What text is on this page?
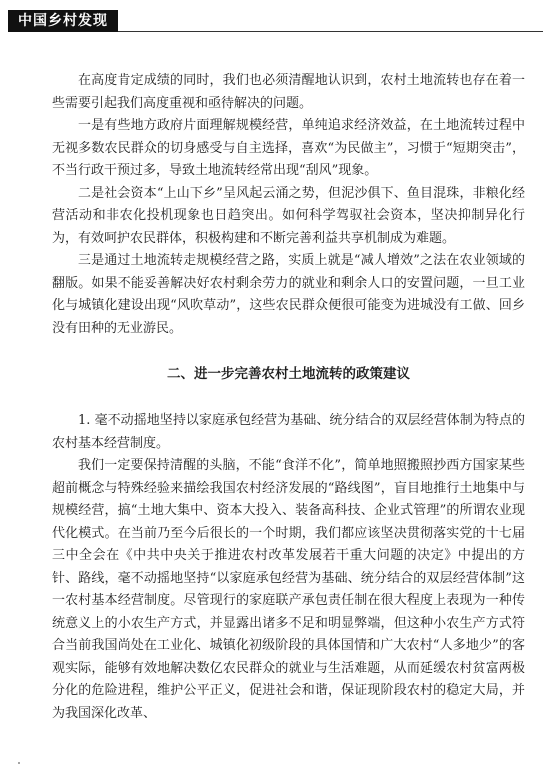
中国乡村发现

在高度肯定成绩的同时，我们也必须清醒地认识到，农村土地流转也存在着一些需要引起我们高度重视和亟待解决的问题。

一是有些地方政府片面理解规模经营，单纯追求经济效益，在土地流转过程中无视多数农民群众的切身感受与自主选择，喜欢“为民做主”，习惯于“短期突击”，不当行政干预过多，导致土地流转经常出现“刮风”现象。

二是社会资本“上山下乡”呈风起云涌之势，但泥沙俱下、鱼目混珠，非粮化经营活动和非农化投机现象也日趋突出。如何科学驾驭社会资本，坚决抑制异化行为，有效呵护农民群体，积极构建和不断完善利益共享机制成为难题。

三是通过土地流转走规模经营之路，实质上就是“减人增效”之法在农业领域的翻版。如果不能妥善解决好农村剩余劳力的就业和剩余人口的安置问题，一旦工业化与城镇化建设出现“风吹草动”，这些农民群众便很可能变为进城没有工做、回乡没有田种的无业游民。

二、进一步完善农村土地流转的政策建议

1. 毫不动摇地坚持以家庭承包经营为基础、统分结合的双层经营体制为特点的农村基本经营制度。

我们一定要保持清醒的头脑，不能“食洋不化”，简单地照搬照抄西方国家某些超前概念与特殊经验来描绘我国农村经济发展的“路线图”，盲目地推行土地集中与规模经营，搞“土地大集中、资本大投入、装备高科技、企业式管理”的所谓农业现代化模式。在当前乃至今后很长的一个时期，我们都应该坚决贯彻落实党的十七届三中全会在《中共中央关于推进农村改革发展若干重大问题的决定》中提出的方针、路线，毫不动摇地坚持“以家庭承包经营为基础、统分结合的双层经营体制”这一农村基本经营制度。尽管现行的家庭联产承包责任制在很大程度上表现为一种传统意义上的小农生产方式，并显露出诸多不足和明显弊端，但这种小农生产方式符合当前我国尚处在工业化、城镇化初级阶段的具体国情和广大农村“人多地少”的客观实际，能够有效地解决数亿农民群众的就业与生活难题，从而延缓农村贫富两极分化的危险进程，维护公平正义，促进社会和谐，保证现阶段农村的稳定大局，并为我国深化改革、
